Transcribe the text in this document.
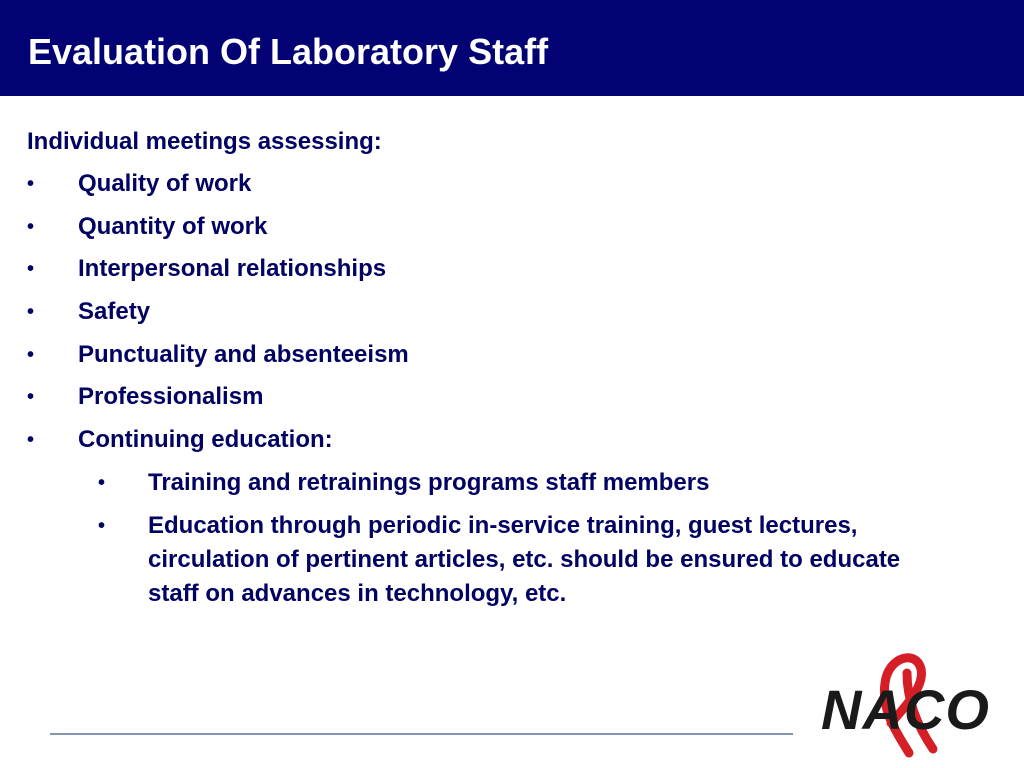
Evaluation Of Laboratory Staff
Individual meetings assessing:
• Quality of work
• Quantity of work
• Interpersonal relationships
• Safety
• Punctuality and absenteeism
• Professionalism
• Continuing education:
• Training and retrainings programs staff members
• Education through periodic in-service training, guest lectures, circulation of pertinent articles, etc. should be ensured to educate staff on advances in technology, etc.
NACO
